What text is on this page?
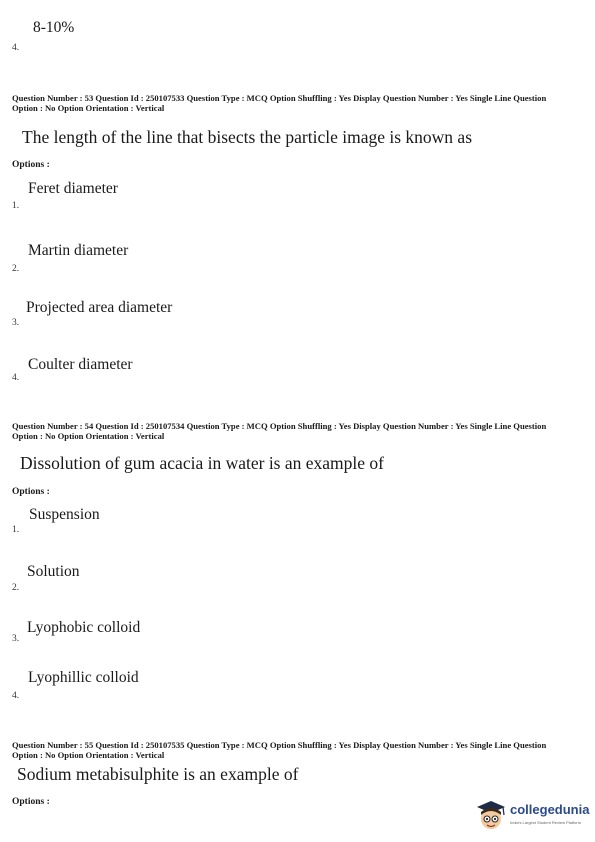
8-10%
4.
Question Number : 53 Question Id : 250107533 Question Type : MCQ Option Shuffling : Yes Display Question Number : Yes Single Line Question Option : No Option Orientation : Vertical
The length of the line that bisects the particle image is known as
Options :
Feret diameter
1.
Martin diameter
2.
Projected area diameter
3.
Coulter diameter
4.
Question Number : 54 Question Id : 250107534 Question Type : MCQ Option Shuffling : Yes Display Question Number : Yes Single Line Question Option : No Option Orientation : Vertical
Dissolution of gum acacia in water is an example of
Options :
Suspension
1.
Solution
2.
Lyophobic colloid
3.
Lyophillic colloid
4.
Question Number : 55 Question Id : 250107535 Question Type : MCQ Option Shuffling : Yes Display Question Number : Yes Single Line Question Option : No Option Orientation : Vertical
Sodium metabisulphite is an example of
Options :	collegedunia
India's Largest Student Review Platform
